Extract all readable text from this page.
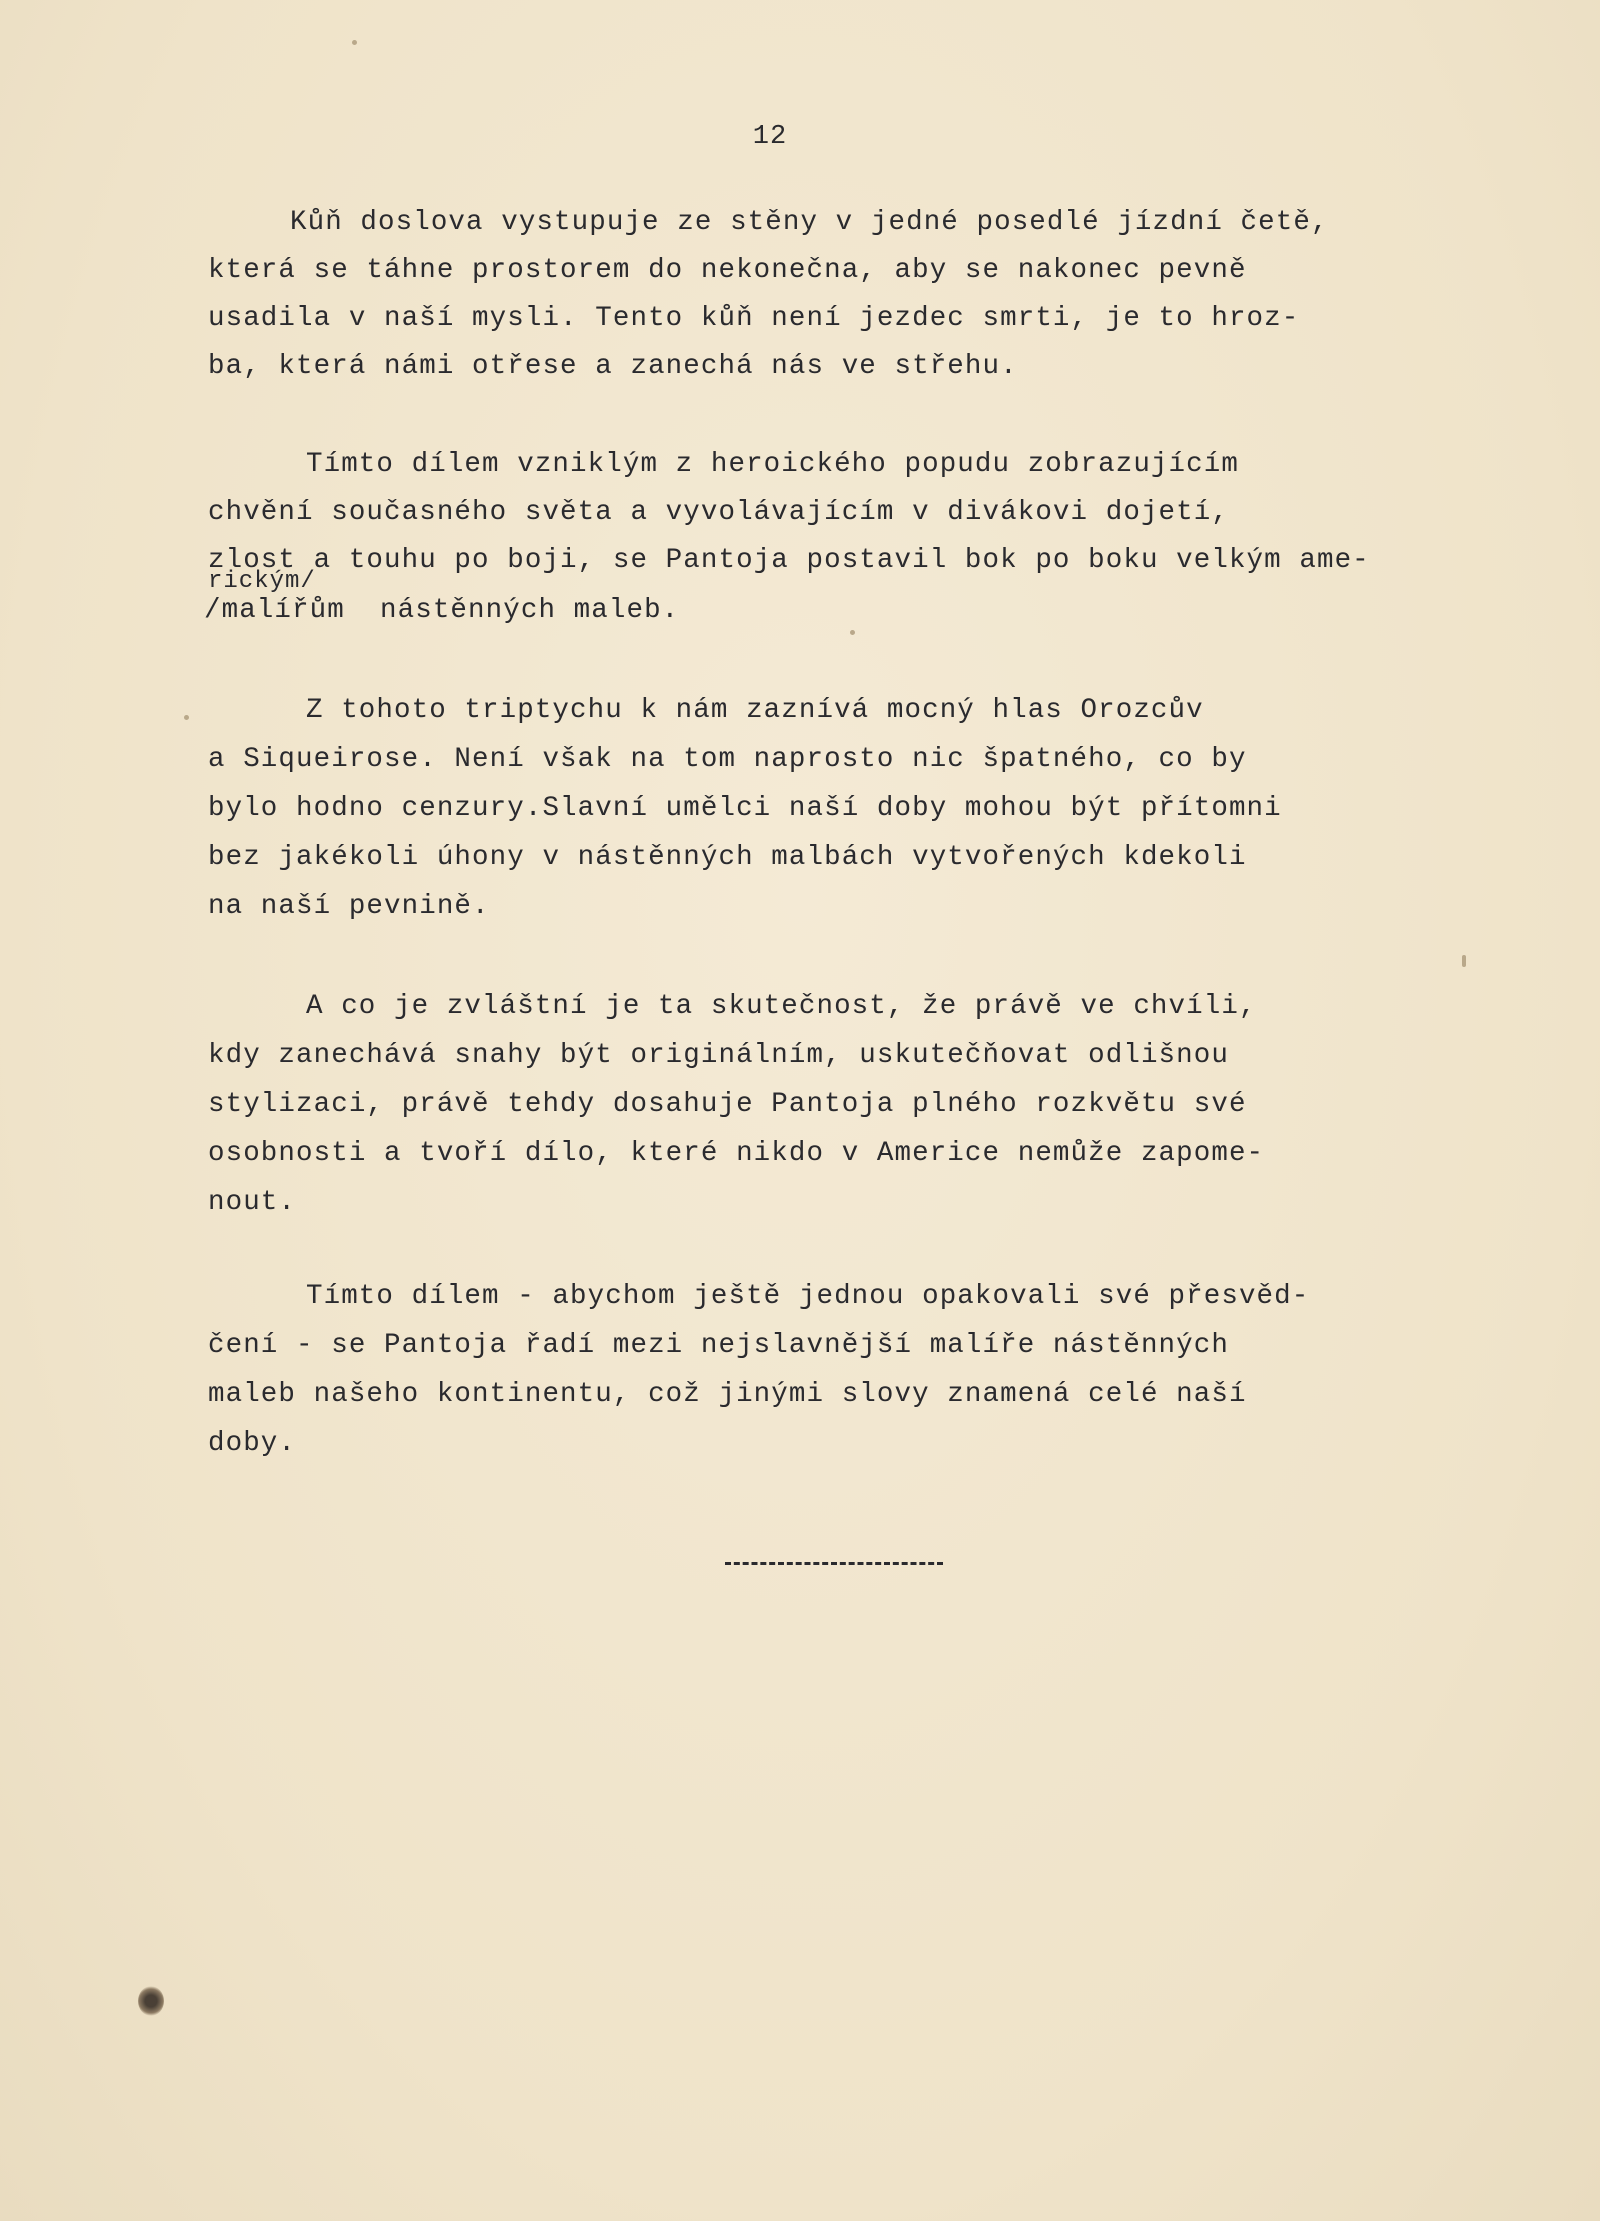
12
Kůň doslova vystupuje ze stěny v jedné posedlé jízdní četě,
která se táhne prostorem do nekonečna, aby se nakonec pevně
usadila v naší mysli. Tento kůň není jezdec smrti, je to hroz-
ba, která námi otřese a zanechá nás ve střehu.
Tímto dílem vzniklým z heroického popudu zobrazujícím
chvění současného světa a vyvolávajícím v divákovi dojetí,
zlost a touhu po boji, se Pantoja postavil bok po boku velkým ame-
rickým/
/malířům  nástěnných maleb.
Z tohoto triptychu k nám zaznívá mocný hlas Orozcův
a Siqueirose. Není však na tom naprosto nic špatného, co by
bylo hodno cenzury.Slavní umělci naší doby mohou být přítomni
bez jakékoli úhony v nástěnných malbách vytvořených kdekoli
na naší pevnině.
A co je zvláštní je ta skutečnost, že právě ve chvíli,
kdy zanechává snahy být originálním, uskutečňovat odlišnou
stylizaci, právě tehdy dosahuje Pantoja plného rozkvětu své
osobnosti a tvoří dílo, které nikdo v Americe nemůže zapome-
nout.
Tímto dílem - abychom ještě jednou opakovali své přesvěd-
čení - se Pantoja řadí mezi nejslavnější malíře nástěnných
maleb našeho kontinentu, což jinými slovy znamená celé naší
doby.
